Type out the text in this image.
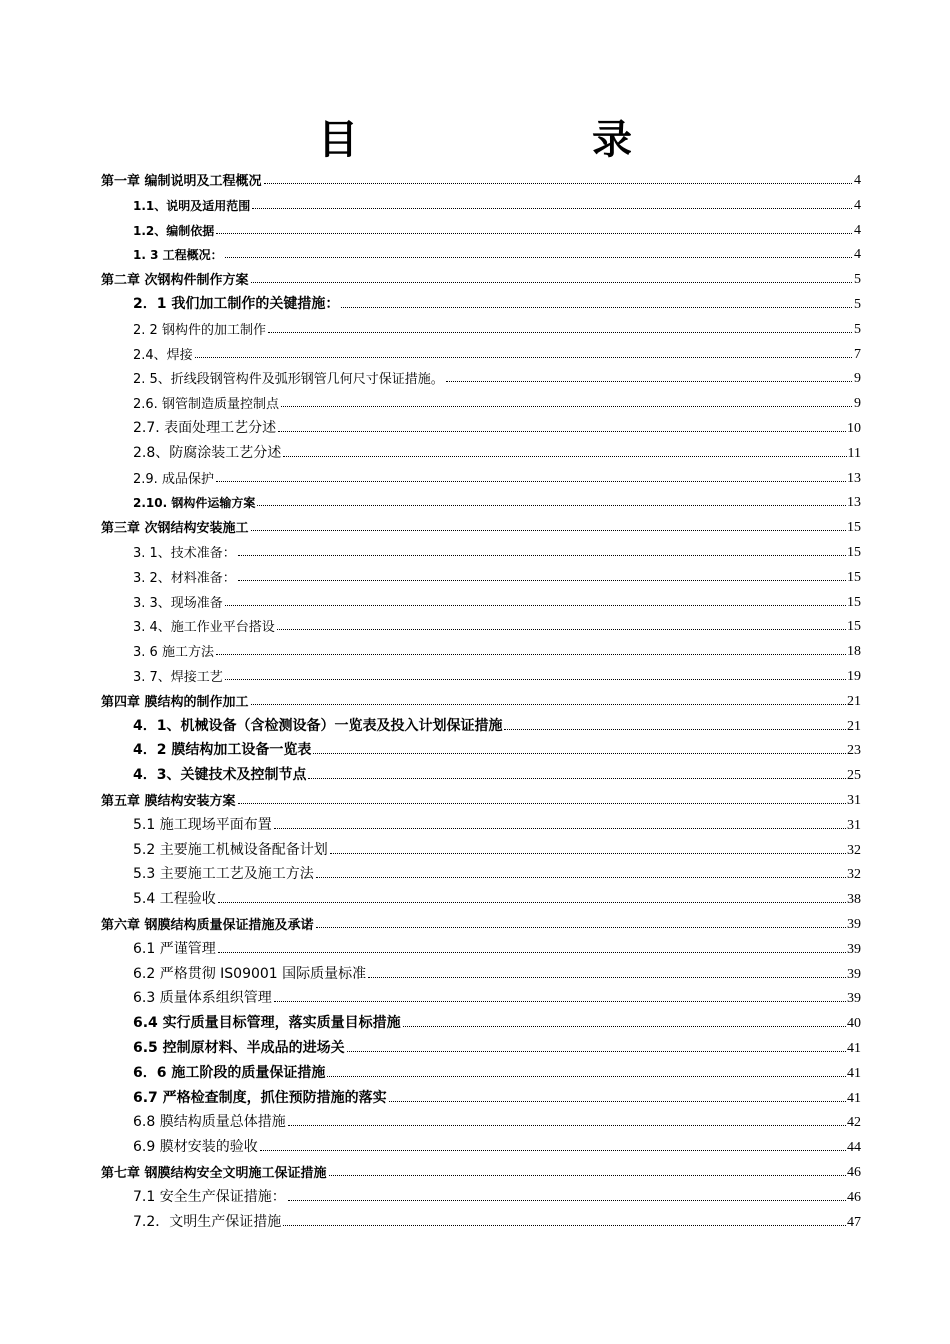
目 录
第一章 编制说明及工程概况	4
1.1、说明及适用范围	4
1.2、编制依据	4
1. 3 工程概况：	4
第二章 次钢构件制作方案	5
2．1 我们加工制作的关键措施：	5
2. 2 钢构件的加工制作	5
2.4、焊接	7
2. 5、折线段钢管构件及弧形钢管几何尺寸保证措施。	9
2.6. 钢管制造质量控制点	9
2.7. 表面处理工艺分述	10
2.8、防腐涂装工艺分述	11
2.9. 成品保护	13
2.10. 钢构件运输方案	13
第三章 次钢结构安装施工	15
3. 1、技术准备：	15
3. 2、材料准备：	15
3. 3、现场准备	15
3. 4、施工作业平台搭设	15
3. 6 施工方法	18
3. 7、焊接工艺	19
第四章 膜结构的制作加工	21
4．1、机械设备（含检测设备）一览表及投入计划保证措施	21
4．2 膜结构加工设备一览表	23
4．3、关键技术及控制节点	25
第五章 膜结构安装方案	31
5.1 施工现场平面布置	31
5.2 主要施工机械设备配备计划	32
5.3 主要施工工艺及施工方法	32
5.4 工程验收	38
第六章 钢膜结构质量保证措施及承诺	39
6.1 严谨管理	39
6.2 严格贯彻 IS09001 国际质量标准	39
6.3 质量体系组织管理	39
6.4 实行质量目标管理，落实质量目标措施	40
6.5 控制原材料、半成品的进场关	41
6．6 施工阶段的质量保证措施	41
6.7 严格检查制度，抓住预防措施的落实	41
6.8 膜结构质量总体措施	42
6.9 膜材安装的验收	44
第七章 钢膜结构安全文明施工保证措施	46
7.1 安全生产保证措施：	46
7.2．文明生产保证措施	47
